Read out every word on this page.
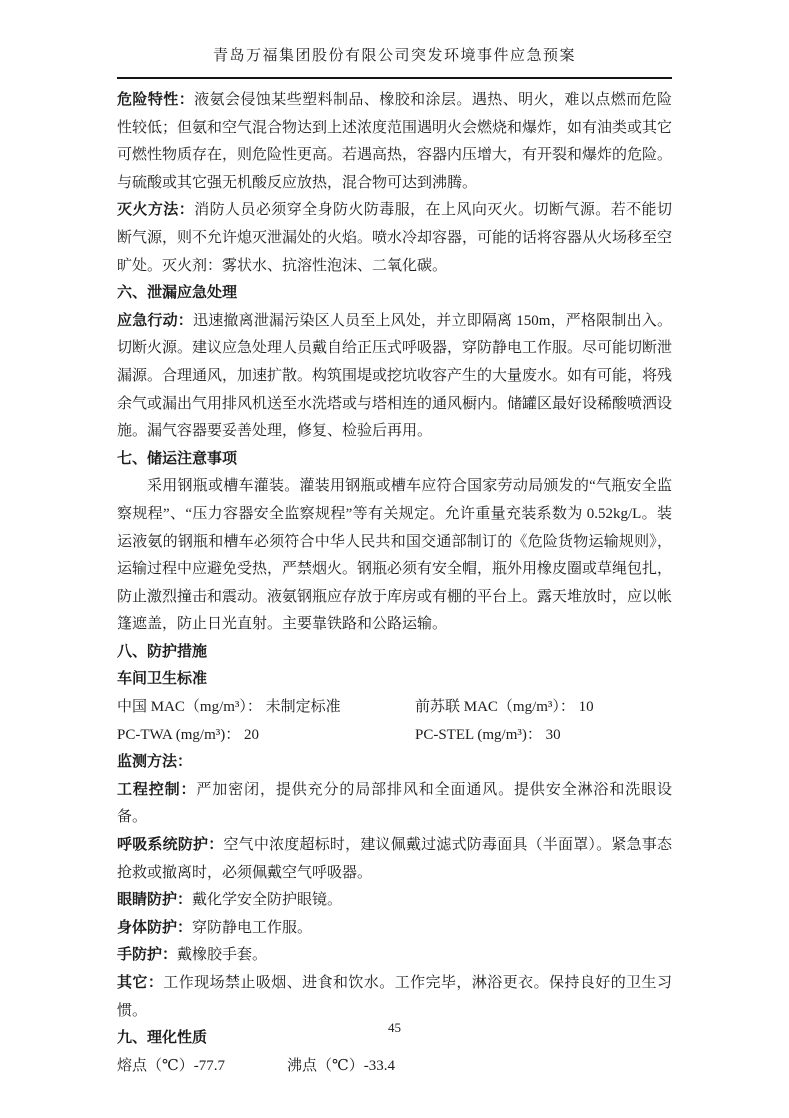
青岛万福集团股份有限公司突发环境事件应急预案

危险特性：液氨会侵蚀某些塑料制品、橡胶和涂层。遇热、明火，难以点燃而危险性较低；但氨和空气混合物达到上述浓度范围遇明火会燃烧和爆炸，如有油类或其它可燃性物质存在，则危险性更高。若遇高热，容器内压增大，有开裂和爆炸的危险。与硫酸或其它强无机酸反应放热，混合物可达到沸腾。

灭火方法：消防人员必须穿全身防火防毒服，在上风向灭火。切断气源。若不能切断气源，则不允许熄灭泄漏处的火焰。喷水冷却容器，可能的话将容器从火场移至空旷处。灭火剂：雾状水、抗溶性泡沫、二氧化碳。

六、泄漏应急处理

应急行动：迅速撤离泄漏污染区人员至上风处，并立即隔离 150m，严格限制出入。切断火源。建议应急处理人员戴自给正压式呼吸器，穿防静电工作服。尽可能切断泄漏源。合理通风，加速扩散。构筑围堤或挖坑收容产生的大量废水。如有可能，将残余气或漏出气用排风机送至水洗塔或与塔相连的通风橱内。储罐区最好设稀酸喷洒设施。漏气容器要妥善处理，修复、检验后再用。

七、储运注意事项

采用钢瓶或槽车灌装。灌装用钢瓶或槽车应符合国家劳动局颁发的“气瓶安全监察规程”、“压力容器安全监察规程”等有关规定。允许重量充装系数为 0.52kg/L。装运液氨的钢瓶和槽车必须符合中华人民共和国交通部制订的《危险货物运输规则》，运输过程中应避免受热，严禁烟火。钢瓶必须有安全帽，瓶外用橡皮圈或草绳包扎，防止激烈撞击和震动。液氨钢瓶应存放于库房或有棚的平台上。露天堆放时，应以帐篷遮盖，防止日光直射。主要靠铁路和公路运输。

八、防护措施

车间卫生标准

中国 MAC（mg/m³）： 未制定标准	前苏联 MAC（mg/m³）： 10
PC-TWA (mg/m³)： 20	PC-STEL (mg/m³)： 30

监测方法：

工程控制：严加密闭，提供充分的局部排风和全面通风。提供安全淋浴和洗眼设备。

呼吸系统防护：空气中浓度超标时，建议佩戴过滤式防毒面具（半面罩）。紧急事态抢救或撤离时，必须佩戴空气呼吸器。

眼睛防护：戴化学安全防护眼镜。

身体防护：穿防静电工作服。

手防护：戴橡胶手套。

其它：工作现场禁止吸烟、进食和饮水。工作完毕，淋浴更衣。保持良好的卫生习惯。

九、理化性质

熔点（℃）-77.7	沸点（℃）-33.4
45
